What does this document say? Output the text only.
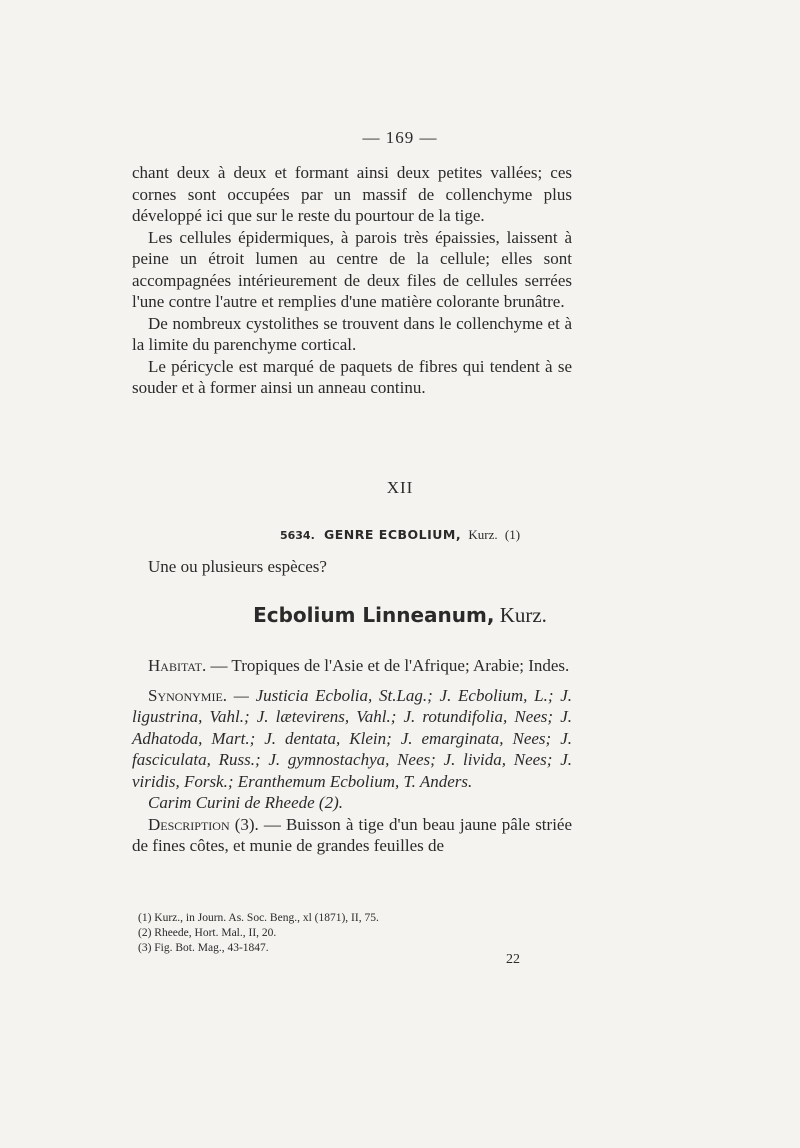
— 169 —

chant deux à deux et formant ainsi deux petites vallées; ces cornes sont occupées par un massif de collenchyme plus développé ici que sur le reste du pourtour de la tige.

Les cellules épidermiques, à parois très épaissies, laissent à peine un étroit lumen au centre de la cellule; elles sont accompagnées intérieurement de deux files de cellules serrées l'une contre l'autre et remplies d'une matière colorante brunâtre.

De nombreux cystolithes se trouvent dans le collenchyme et à la limite du parenchyme cortical.

Le péricycle est marqué de paquets de fibres qui tendent à se souder et à former ainsi un anneau continu.

XII
5634. GENRE ECBOLIUM, Kurz. (1)
Une ou plusieurs espèces?
Ecbolium Linneanum, Kurz.

Habitat. — Tropiques de l'Asie et de l'Afrique; Arabie; Indes.

Synonymie. — Justicia Ecbolia, St.Lag.; J. Ecbolium, L.; J. ligustrina, Vahl.; J. lætevirens, Vahl.; J. rotundifolia, Nees; J. Adhatoda, Mart.; J. dentata, Klein; J. emarginata, Nees; J. fasciculata, Russ.; J. gymnostachya, Nees; J. livida, Nees; J. viridis, Forsk.; Eranthemum Ecbolium, T. Anders.

Carim Curini de Rheede (2).

Description (3). — Buisson à tige d'un beau jaune pâle striée de fines côtes, et munie de grandes feuilles de

(1) Kurz., in Journ. As. Soc. Beng., xl (1871), II, 75.
(2) Rheede, Hort. Mal., II, 20.
(3) Fig. Bot. Mag., 43-1847.
22
